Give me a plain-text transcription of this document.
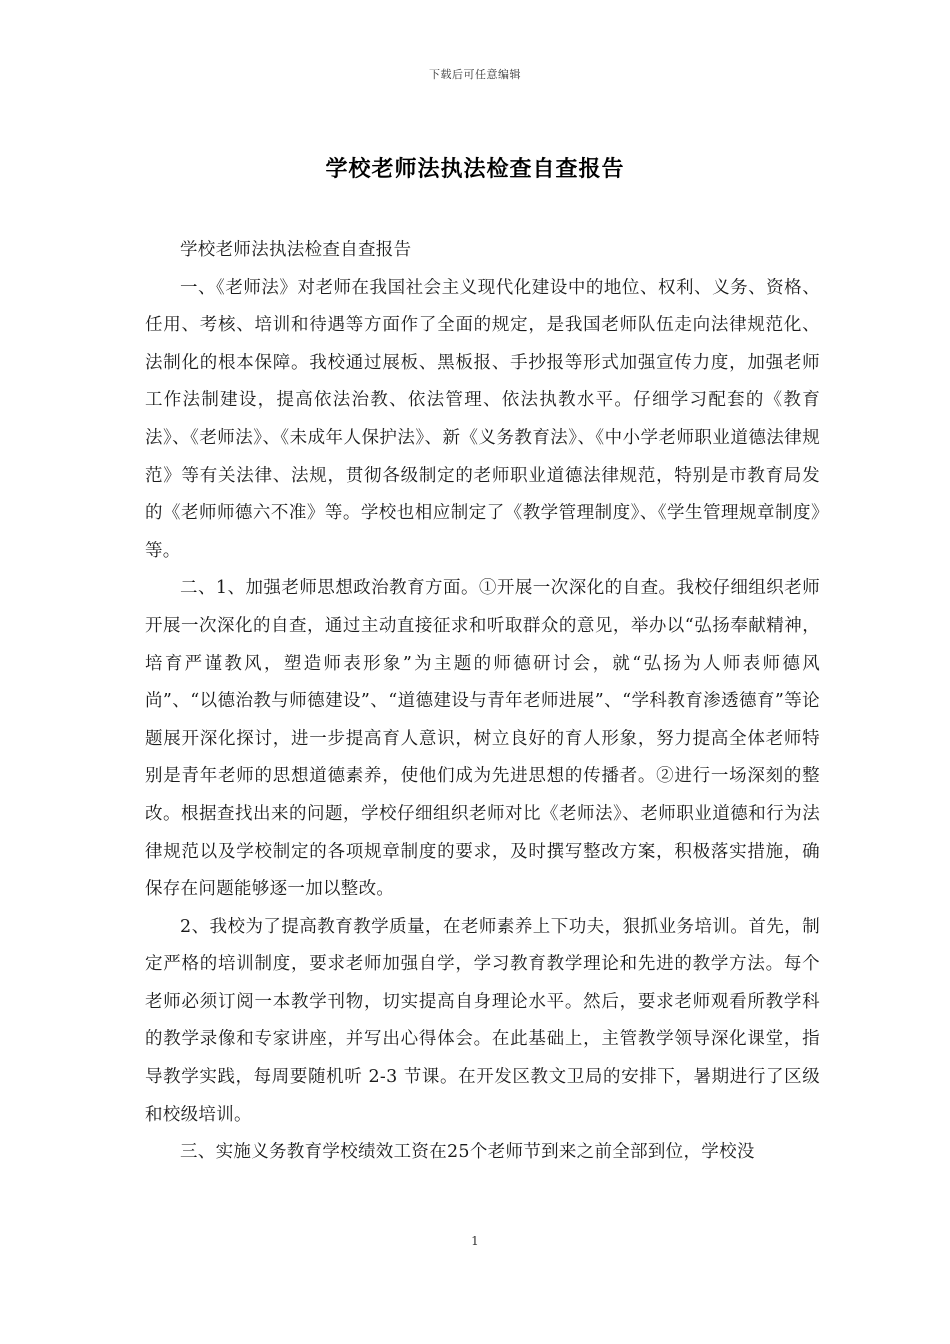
下载后可任意编辑
学校老师法执法检查自查报告

学校老师法执法检查自查报告

一、《老师法》对老师在我国社会主义现代化建设中的地位、权利、义务、资格、任用、考核、培训和待遇等方面作了全面的规定，是我国老师队伍走向法律规范化、法制化的根本保障。我校通过展板、黑板报、手抄报等形式加强宣传力度，加强老师工作法制建设，提高依法治教、依法管理、依法执教水平。仔细学习配套的《教育法》、《老师法》、《未成年人保护法》、新《义务教育法》、《中小学老师职业道德法律规范》等有关法律、法规，贯彻各级制定的老师职业道德法律规范，特别是市教育局发的《老师师德六不准》等。学校也相应制定了《教学管理制度》、《学生管理规章制度》等。

二、1、加强老师思想政治教育方面。①开展一次深化的自查。我校仔细组织老师开展一次深化的自查，通过主动直接征求和听取群众的意见，举办以“弘扬奉献精神，培育严谨教风，塑造师表形象”为主题的师德研讨会，就“弘扬为人师表师德风尚”、“以德治教与师德建设”、“道德建设与青年老师进展”、“学科教育渗透德育”等论题展开深化探讨，进一步提高育人意识，树立良好的育人形象，努力提高全体老师特别是青年老师的思想道德素养，使他们成为先进思想的传播者。②进行一场深刻的整改。根据查找出来的问题，学校仔细组织老师对比《老师法》、老师职业道德和行为法律规范以及学校制定的各项规章制度的要求，及时撰写整改方案，积极落实措施，确保存在问题能够逐一加以整改。

2、我校为了提高教育教学质量，在老师素养上下功夫，狠抓业务培训。首先，制定严格的培训制度，要求老师加强自学，学习教育教学理论和先进的教学方法。每个老师必须订阅一本教学刊物，切实提高自身理论水平。然后，要求老师观看所教学科的教学录像和专家讲座，并写出心得体会。在此基础上，主管教学领导深化课堂，指导教学实践，每周要随机听 2-3 节课。在开发区教文卫局的安排下，暑期进行了区级和校级培训。

三、实施义务教育学校绩效工资在25个老师节到来之前全部到位，学校没

1
